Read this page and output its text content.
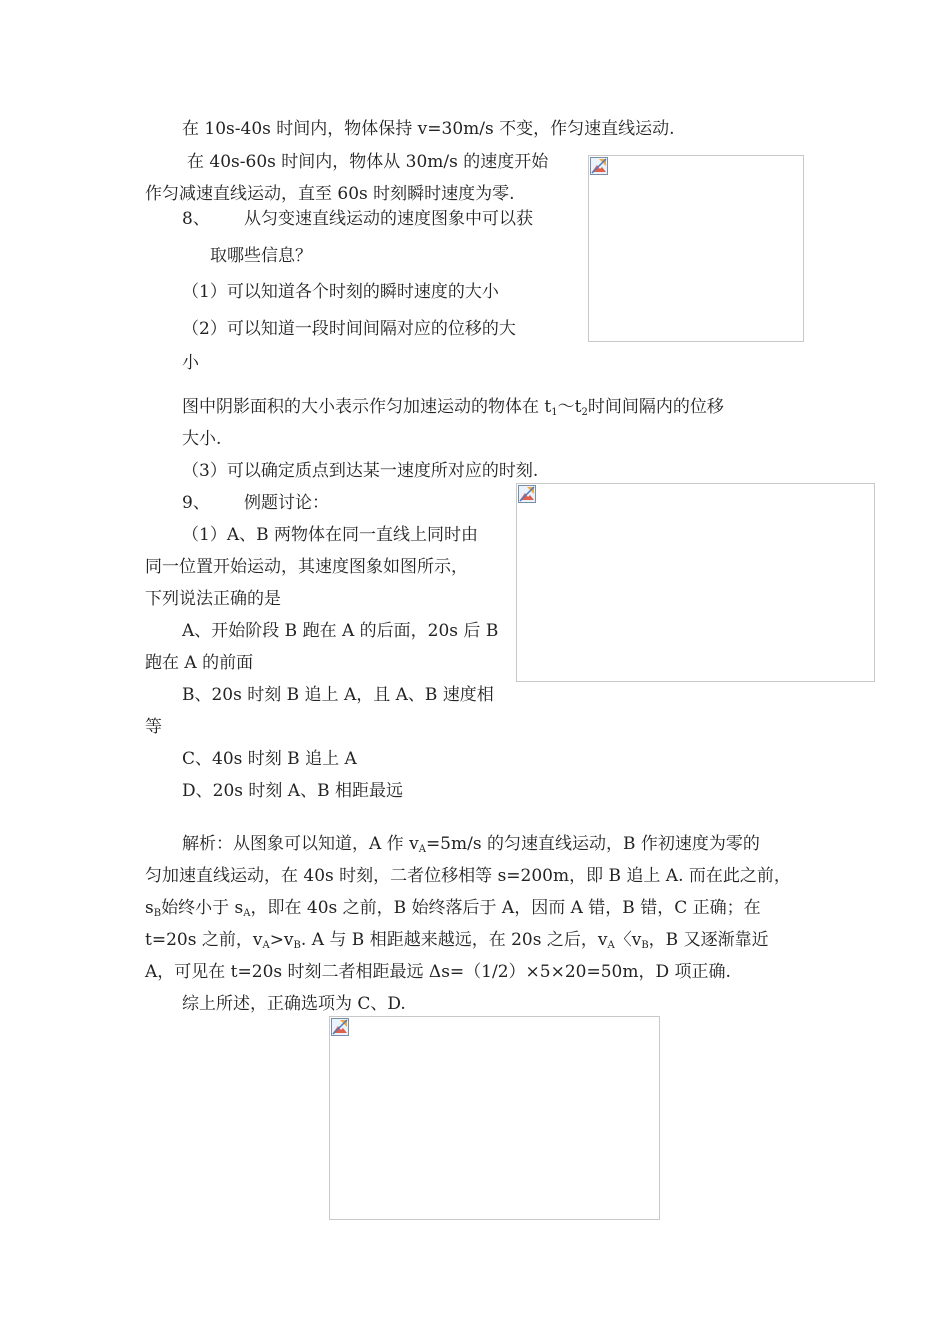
在 10s-40s 时间内，物体保持 v=30m/s 不变，作匀速直线运动.
在 40s-60s 时间内，物体从 30m/s 的速度开始
作匀减速直线运动，直至 60s 时刻瞬时速度为零.
8、 从匀变速直线运动的速度图象中可以获
取哪些信息？
（1）可以知道各个时刻的瞬时速度的大小
（2）可以知道一段时间间隔对应的位移的大
小
图中阴影面积的大小表示作匀加速运动的物体在 $t_1\sim t_2$时间间隔内的位移
大小.
（3）可以确定质点到达某一速度所对应的时刻.
9、 例题讨论：
（1）A、B 两物体在同一直线上同时由
同一位置开始运动，其速度图象如图所示，
下列说法正确的是
A、开始阶段 B 跑在 A 的后面，20s 后 B
跑在 A 的前面
B、20s 时刻 B 追上 A，且 A、B 速度相
等
C、40s 时刻 B 追上 A
D、20s 时刻 A、B 相距最远
解析：从图象可以知道，A 作 $v_A=5m/s$ 的匀速直线运动，B 作初速度为零的
匀加速直线运动，在 40s 时刻，二者位移相等 s=200m，即 B 追上 A. 而在此之前，
$s_B$始终小于 $s_A$，即在 40s 之前，B 始终落后于 A，因而 A 错，B 错，C 正确；在
t=20s 之前，$v_A>v_B$. A 与 B 相距越来越远，在 20s 之后，$v_A$〈$v_B$，B 又逐渐靠近
A，可见在 t=20s 时刻二者相距最远 Δs=（1/2）×5×20=50m，D 项正确.
综上所述，正确选项为 C、D.
